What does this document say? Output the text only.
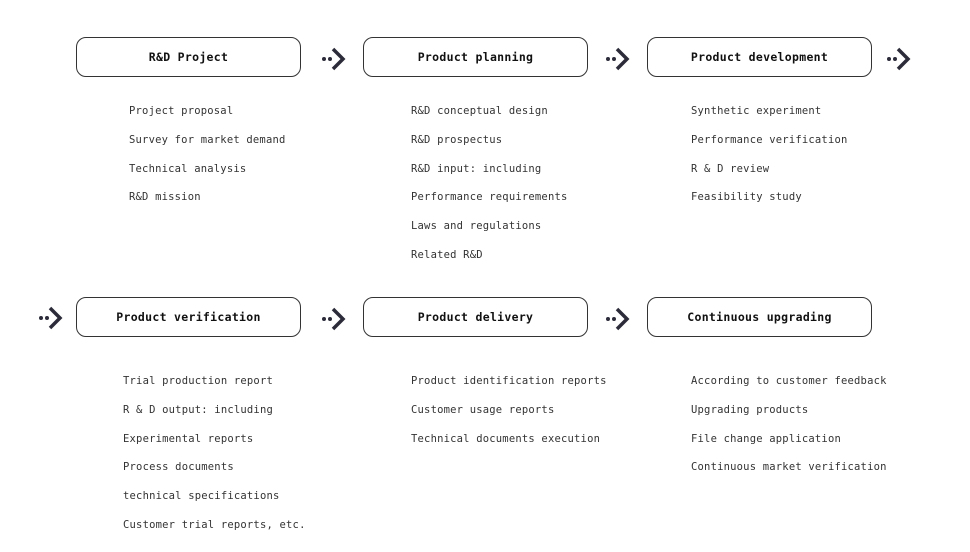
R&D Project	Product planning	Product development
Product verification	Product delivery	Continuous upgrading
Project proposal
Survey for market demand
Technical analysis
R&D mission
R&D conceptual design
R&D prospectus
R&D input: including
Performance requirements
Laws and regulations
Related R&D
Synthetic experiment
Performance verification
R & D review
Feasibility study
Trial production report
R & D output: including
Experimental reports
Process documents
technical specifications
Customer trial reports, etc.
Product identification reports
Customer usage reports
Technical documents execution
According to customer feedback
Upgrading products
File change application
Continuous market verification
